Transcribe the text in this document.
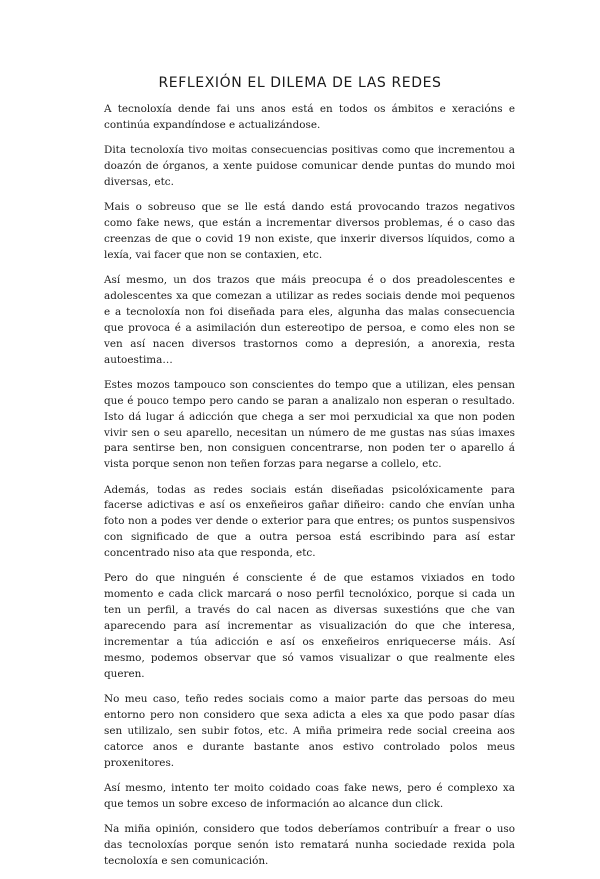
REFLEXIÓN EL DILEMA DE LAS REDES

A tecnoloxía dende fai uns anos está en todos os ámbitos e xeracións e continúa expandíndose e actualizándose.

Dita tecnoloxía tivo moitas consecuencias positivas como que incrementou a doazón de órganos, a xente puidose comunicar dende puntas do mundo moi diversas, etc.

Mais o sobreuso que se lle está dando está provocando trazos negativos como fake news, que están a incrementar diversos problemas, é o caso das creenzas de que o covid 19 non existe, que inxerir diversos líquidos, como a lexía, vai facer que non se contaxien, etc.

Así mesmo, un dos trazos que máis preocupa é o dos preadolescentes e adolescentes xa que comezan a utilizar as redes sociais dende moi pequenos e a tecnoloxía non foi diseñada para eles, algunha das malas consecuencia que provoca é a asimilación dun estereotipo de persoa, e como eles non se ven así nacen diversos trastornos como a depresión, a anorexia, resta autoestima…

Estes mozos tampouco son conscientes do tempo que a utilizan, eles pensan que é pouco tempo pero cando se paran a analizalo non esperan o resultado. Isto dá lugar á adicción que chega a ser moi perxudicial xa que non poden vivir sen o seu aparello, necesitan un número de me gustas nas súas imaxes para sentirse ben, non consiguen concentrarse, non poden ter o aparello á vista porque senon non teñen forzas para negarse a collelo, etc.

Además, todas as redes sociais están diseñadas psicolóxicamente para facerse adictivas e así os enxeñeiros gañar diñeiro: cando che envían unha foto non a podes ver dende o exterior para que entres; os puntos suspensivos con significado de que a outra persoa está escribindo para así estar concentrado niso ata que responda, etc.

Pero do que ninguén é consciente é de que estamos vixiados en todo momento e cada click marcará o noso perfil tecnolóxico, porque si cada un ten un perfil, a través do cal nacen as diversas suxestións que che van aparecendo para así incrementar as visualización do que che interesa, incrementar a túa adicción e así os enxeñeiros enriquecerse máis. Así mesmo, podemos observar que só vamos visualizar o que realmente eles queren.

No meu caso, teño redes sociais como a maior parte das persoas do meu entorno pero non considero que sexa adicta a eles xa que podo pasar días sen utilizalo, sen subir fotos, etc. A miña primeira rede social creeina aos catorce anos e durante bastante anos estivo controlado polos meus proxenitores.

Así mesmo, intento ter moito coidado coas fake news, pero é complexo xa que temos un sobre exceso de información ao alcance dun click.

Na miña opinión, considero que todos deberíamos contribuír a frear o uso das tecnoloxías porque senón isto rematará nunha sociedade rexida pola tecnoloxía e sen comunicación.
